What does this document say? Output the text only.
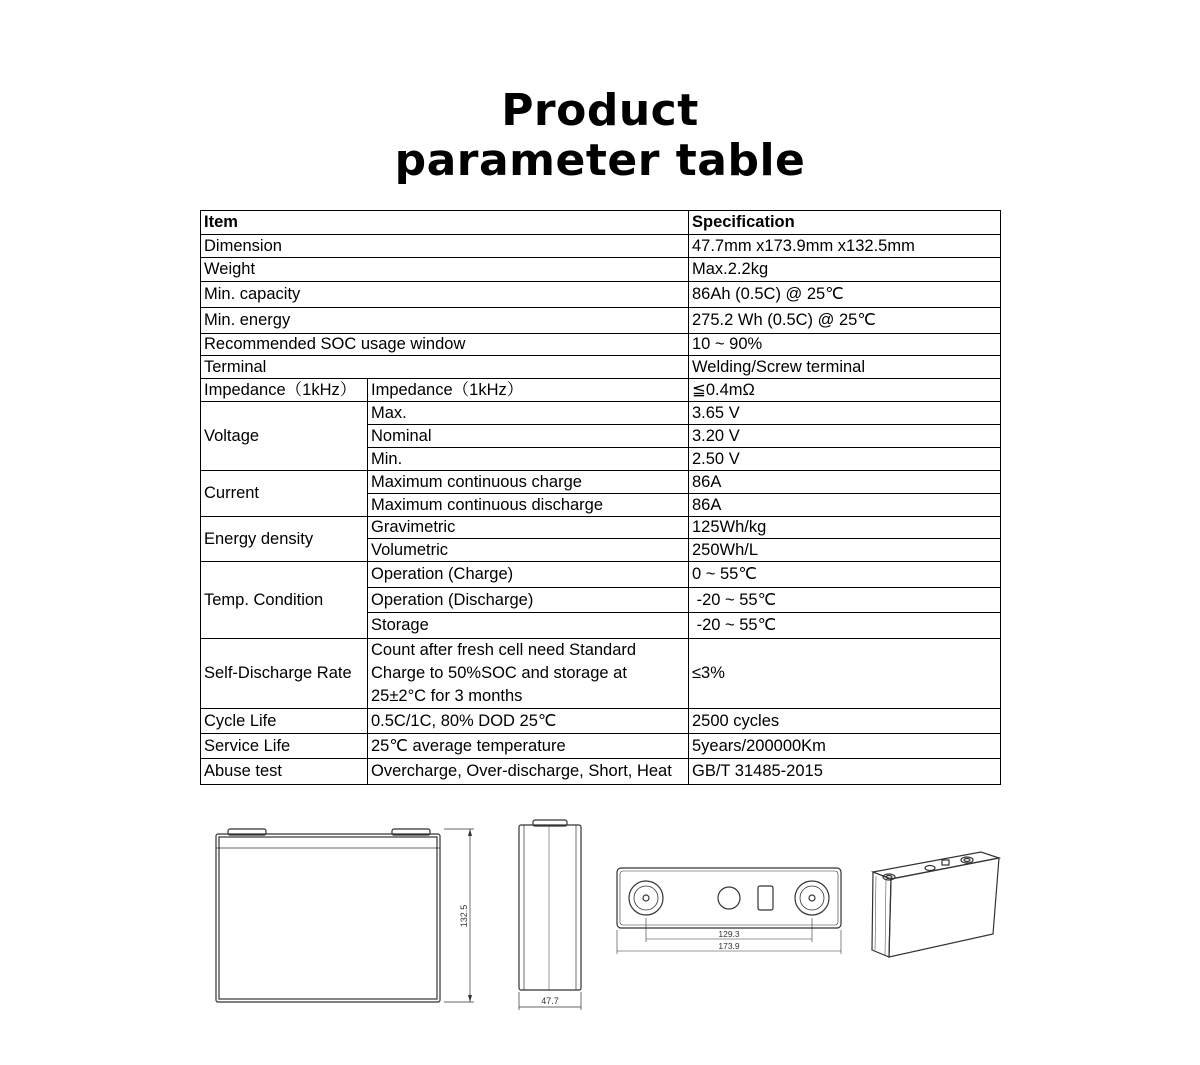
Product
parameter table
Item		Specification
Dimension		47.7mm x173.9mm x132.5mm
Weight		Max.2.2kg
Min. capacity		86Ah (0.5C) @ 25℃
Min. energy		275.2 Wh (0.5C) @ 25℃
Recommended SOC usage window		10 ~ 90%
Terminal		Welding/Screw terminal
Impedance（1kHz）	Impedance（1kHz）	≦0.4mΩ
Voltage	Max.	3.65 V
	Nominal	3.20 V
	Min.	2.50 V
Current	Maximum continuous charge	86A
	Maximum continuous discharge	86A
Energy density	Gravimetric	125Wh/kg
	Volumetric	250Wh/L
Temp. Condition	Operation (Charge)	0 ~ 55℃
	Operation (Discharge)	-20 ~ 55℃
	Storage	-20 ~ 55℃
Self-Discharge Rate	Count after fresh cell need Standard Charge to 50%SOC and storage at 25±2°C for 3 months	≤3%
Cycle Life	0.5C/1C, 80% DOD 25℃	2500 cycles
Service Life	25℃ average temperature	5years/200000Km
Abuse test	Overcharge, Over-discharge, Short, Heat	GB/T 31485-2015
132.5
47.7
129.3
173.9
